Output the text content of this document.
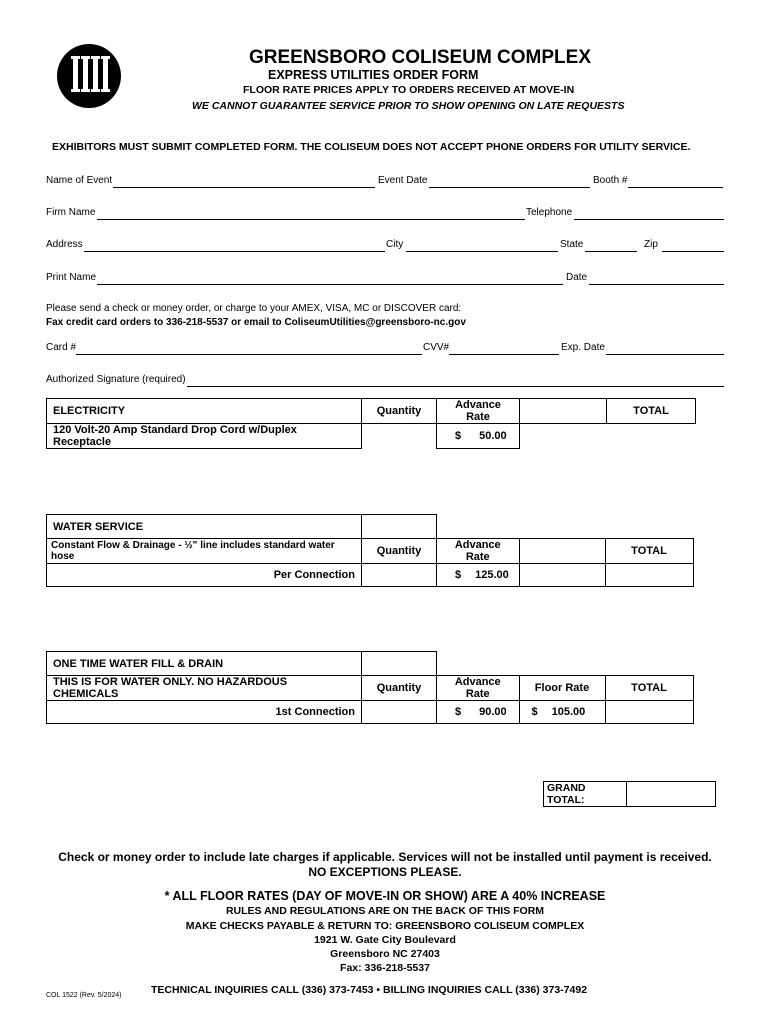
GREENSBORO COLISEUM COMPLEX
EXPRESS UTILITIES ORDER FORM
FLOOR RATE PRICES APPLY TO ORDERS RECEIVED AT MOVE-IN
WE CANNOT GUARANTEE SERVICE PRIOR TO SHOW OPENING ON LATE REQUESTS
EXHIBITORS MUST SUBMIT COMPLETED FORM. THE COLISEUM DOES NOT ACCEPT PHONE ORDERS FOR UTILITY SERVICE.
Name of Event	Event Date	Booth #
Firm Name	Telephone
Address	City	State	Zip
Print Name	Date
Please send a check or money order, or charge to your AMEX, VISA, MC or DISCOVER card:
Fax credit card orders to 336-218-5537 or email to ColiseumUtilities@greensboro-nc.gov
Card #	CVV#	Exp. Date
Authorized Signature (required)
ELECTRICITY	Quantity	Advance Rate		TOTAL
120 Volt-20 Amp Standard Drop Cord w/Duplex Receptacle		$ 50.00		
WATER SERVICE				
Constant Flow & Drainage - ½" line includes standard water hose	Quantity	Advance Rate		TOTAL
Per Connection		$ 125.00		
ONE TIME WATER FILL & DRAIN				
THIS IS FOR WATER ONLY. NO HAZARDOUS CHEMICALS	Quantity	Advance Rate	Floor Rate	TOTAL
1st Connection		$ 90.00	$ 105.00	
GRAND TOTAL:	
Check or money order to include late charges if applicable. Services will not be installed until payment is received.
NO EXCEPTIONS PLEASE.
* ALL FLOOR RATES (DAY OF MOVE-IN OR SHOW) ARE A 40% INCREASE
RULES AND REGULATIONS ARE ON THE BACK OF THIS FORM
MAKE CHECKS PAYABLE & RETURN TO: GREENSBORO COLISEUM COMPLEX
1921 W. Gate City Boulevard
Greensboro NC 27403
Fax: 336-218-5537
TECHNICAL INQUIRIES CALL (336) 373-7453 • BILLING INQUIRIES CALL (336) 373-7492
COL 1522 (Rev. 5/2024)
